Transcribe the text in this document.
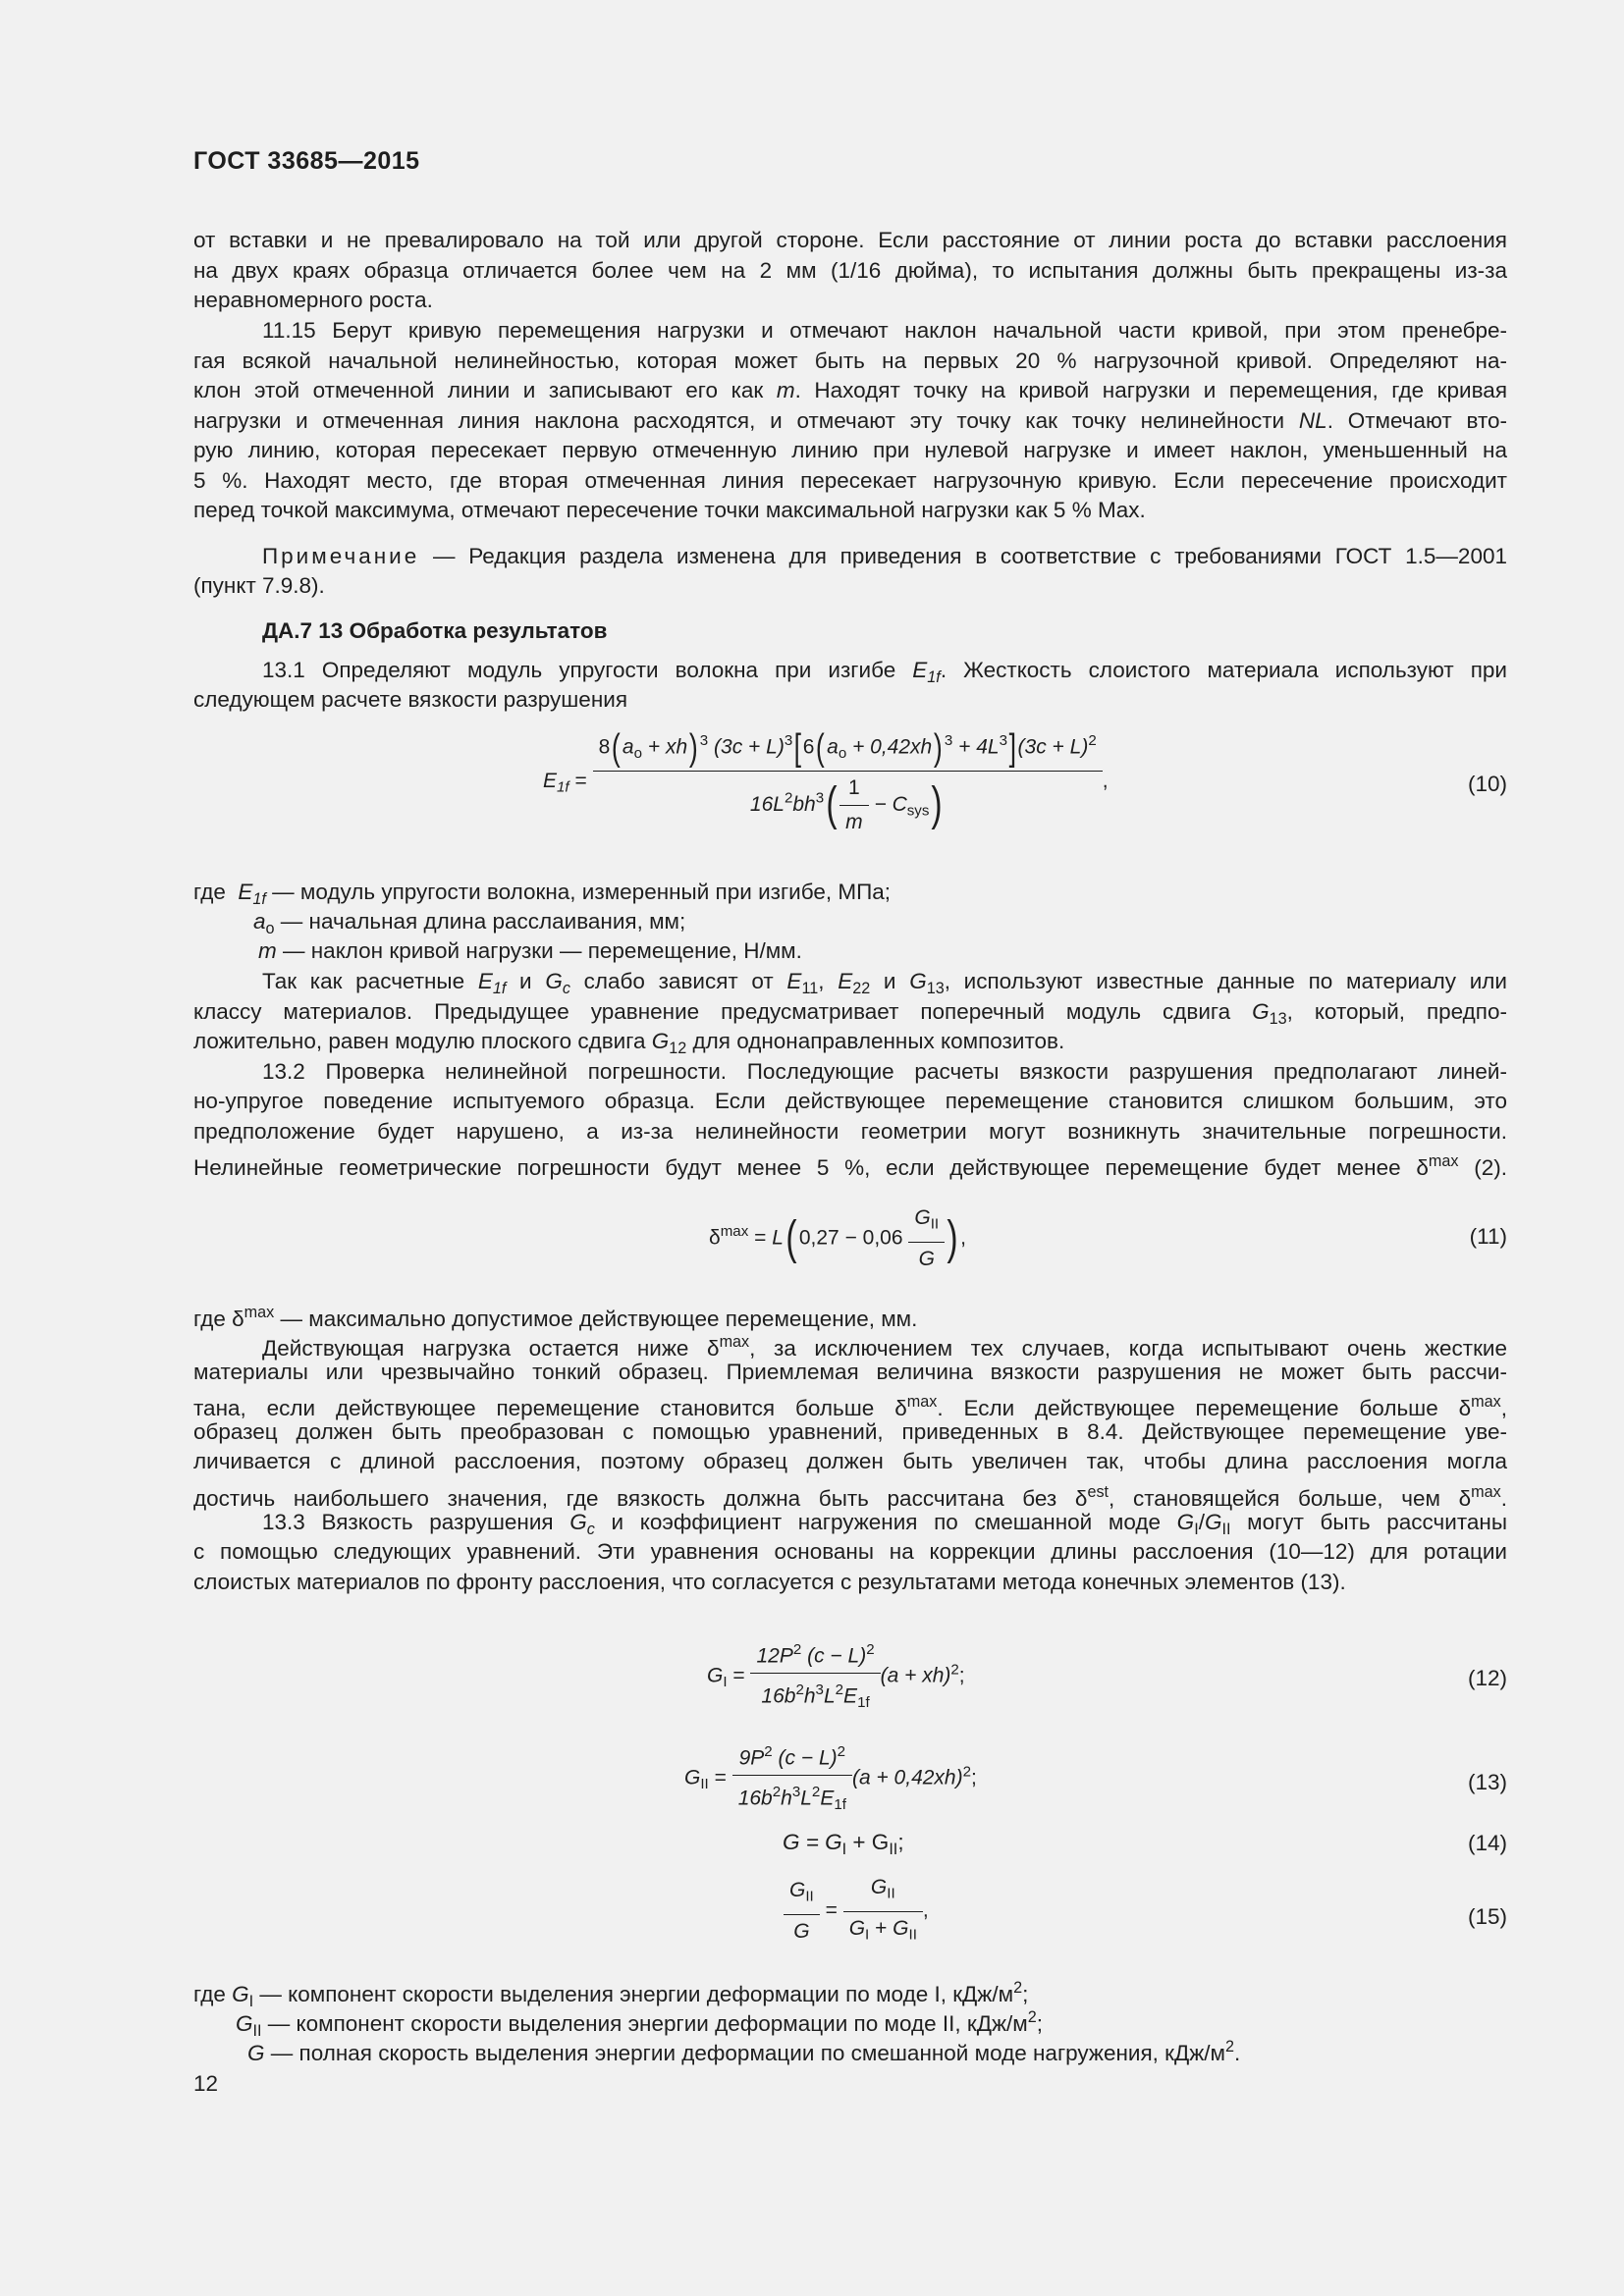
ГОСТ 33685—2015
от вставки и не превалировало на той или другой стороне. Если расстояние от линии роста до вставки расслоения
на двух краях образца отличается более чем на 2 мм (1/16 дюйма), то испытания должны быть прекращены из-за
неравномерного роста.
11.15 Берут кривую перемещения нагрузки и отмечают наклон начальной части кривой, при этом пренебре-
гая всякой начальной нелинейностью, которая может быть на первых 20 % нагрузочной кривой. Определяют на-
клон этой отмеченной линии и записывают его как m. Находят точку на кривой нагрузки и перемещения, где кривая
нагрузки и отмеченная линия наклона расходятся, и отмечают эту точку как точку нелинейности NL. Отмечают вто-
рую линию, которая пересекает первую отмеченную линию при нулевой нагрузке и имеет наклон, уменьшенный на
5 %. Находят место, где вторая отмеченная линия пересекает нагрузочную кривую. Если пересечение происходит
перед точкой максимума, отмечают пересечение точки максимальной нагрузки как 5 % Max.
Примечание — Редакция раздела изменена для приведения в соответствие с требованиями ГОСТ 1.5—2001
(пункт 7.9.8).
ДА.7 13 Обработка результатов
13.1 Определяют модуль упругости волокна при изгибе $E_{1f}$. Жесткость слоистого материала используют при
следующем расчете вязкости разрушения
$E_{1f} = \frac{8(a_o + xh) ^3 (3c + L)^3[6(a_o + 0,42xh) ^3 + 4L^3](3c + L)^2}{16L^2bh^3( \frac{1}{m} - C_{sys})}$ ,	(10)
где $E_{1f}$ — модуль упругости волокна, измеренный при изгибе, МПа;
$a_o$ — начальная длина расслаивания, мм;
m — наклон кривой нагрузки — перемещение, Н/мм.
Так как расчетные $E_{1f}$ и $G_c$ слабо зависят от $E_{11}$, $E_{22}$ и $G_{13}$, используют известные данные по материалу или
классу материалов. Предыдущее уравнение предусматривает поперечный модуль сдвига $G_{13}$, который, предпо-
ложительно, равен модулю плоского сдвига $G_{12}$ для однонаправленных композитов.
13.2 Проверка нелинейной погрешности. Последующие расчеты вязкости разрушения предполагают линей-
но-упругое поведение испытуемого образца. Если действующее перемещение становится слишком большим, это
предположение будет нарушено, а из-за нелинейности геометрии могут возникнуть значительные погрешности.
Нелинейные геометрические погрешности будут менее 5 %, если действующее перемещение будет менее $\delta^{max}$ (2).
$\delta^{max} = L$( $0,27 - 0,06 \frac{G_{II}}{G}$ ) ,	(11)
где $\delta^{max}$ — максимально допустимое действующее перемещение, мм.
Действующая нагрузка остается ниже $\delta^{max}$, за исключением тех случаев, когда испытывают очень жесткие
материалы или чрезвычайно тонкий образец. Приемлемая величина вязкости разрушения не может быть рассчи-
тана, если действующее перемещение становится больше $\delta^{max}$. Если действующее перемещение больше $\delta^{max}$,
образец должен быть преобразован с помощью уравнений, приведенных в 8.4. Действующее перемещение уве-
личивается с длиной расслоения, поэтому образец должен быть увеличен так, чтобы длина расслоения могла
достичь наибольшего значения, где вязкость должна быть рассчитана без $\delta^{est}$, становящейся больше, чем $\delta^{max}$.
13.3 Вязкость разрушения $G_c$ и коэффициент нагружения по смешанной моде $G_I/G_{II}$ могут быть рассчитаны
с помощью следующих уравнений. Эти уравнения основаны на коррекции длины расслоения (10—12) для ротации
слоистых материалов по фронту расслоения, что согласуется с результатами метода конечных элементов (13).
$G_I = \frac{12P^2 (c - L)^2}{16b^2h^3L^2E_{1f}} (a + xh)^2$;	(12)
$G_{II} = \frac{9P^2 (c - L)^2}{16b^2h^3L^2E_{1f}} (a + 0,42xh)^2$;	(13)
$G = G_I + G_{II}$;	(14)
$\frac{G_{II}}{G} = \frac{G_{II}}{G_I + G_{II}}$ ,	(15)
где $G_I$ — компонент скорости выделения энергии деформации по моде I, кДж/$м^2$;
$G_{II}$ — компонент скорости выделения энергии деформации по моде II, кДж/$м^2$;
G — полная скорость выделения энергии деформации по смешанной моде нагружения, кДж/$м^2$.
12
